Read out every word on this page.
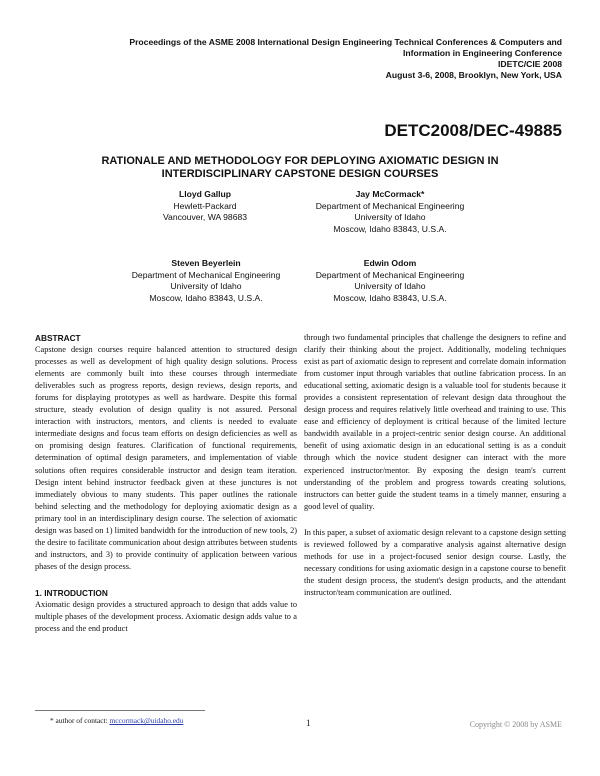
Proceedings of the ASME 2008 International Design Engineering Technical Conferences & Computers and
Information in Engineering Conference
IDETC/CIE 2008
August 3-6, 2008, Brooklyn, New York, USA
DETC2008/DEC-49885
RATIONALE AND METHODOLOGY FOR DEPLOYING AXIOMATIC DESIGN IN
INTERDISCIPLINARY CAPSTONE DESIGN COURSES
Lloyd Gallup
Hewlett-Packard
Vancouver, WA 98683
Jay McCormack*
Department of Mechanical Engineering
University of Idaho
Moscow, Idaho 83843, U.S.A.
Steven Beyerlein
Department of Mechanical Engineering
University of Idaho
Moscow, Idaho 83843, U.S.A.
Edwin Odom
Department of Mechanical Engineering
University of Idaho
Moscow, Idaho 83843, U.S.A.

ABSTRACT

Capstone design courses require balanced attention to structured design processes as well as development of high quality design solutions. Process elements are commonly built into these courses through intermediate deliverables such as progress reports, design reviews, design reports, and forums for displaying prototypes as well as hardware. Despite this formal structure, steady evolution of design quality is not assured. Personal interaction with instructors, mentors, and clients is needed to evaluate intermediate designs and focus team efforts on design deficiencies as well as on promising design features. Clarification of functional requirements, determination of optimal design parameters, and implementation of viable solutions often requires considerable instructor and design team iteration. Design intent behind instructor feedback given at these junctures is not immediately obvious to many students. This paper outlines the rationale behind selecting and the methodology for deploying axiomatic design as a primary tool in an interdisciplinary design course. The selection of axiomatic design was based on 1) limited bandwidth for the introduction of new tools, 2) the desire to facilitate communication about design attributes between students and instructors, and 3) to provide continuity of application between various phases of the design process.

1. INTRODUCTION

Axiomatic design provides a structured approach to design that adds value to multiple phases of the development process. Axiomatic design adds value to a process and the end product

through two fundamental principles that challenge the designers to refine and clarify their thinking about the project. Additionally, modeling techniques exist as part of axiomatic design to represent and correlate domain information from customer input through variables that outline fabrication process. In an educational setting, axiomatic design is a valuable tool for students because it provides a consistent representation of relevant design data throughout the design process and requires relatively little overhead and training to use. This ease and efficiency of deployment is critical because of the limited lecture bandwidth available in a project-centric senior design course. An additional benefit of using axiomatic design in an educational setting is as a conduit through which the novice student designer can interact with the more experienced instructor/mentor. By exposing the design team's current understanding of the problem and progress towards creating solutions, instructors can better guide the student teams in a timely manner, ensuring a good level of quality.

In this paper, a subset of axiomatic design relevant to a capstone design setting is reviewed followed by a comparative analysis against alternative design methods for use in a project-focused senior design course. Lastly, the necessary conditions for using axiomatic design in a capstone course to benefit the student design process, the student's design products, and the attendant instructor/team communication are outlined.

* author of contact: mccormack@uidaho.edu	1	Copyright © 2008 by ASME
